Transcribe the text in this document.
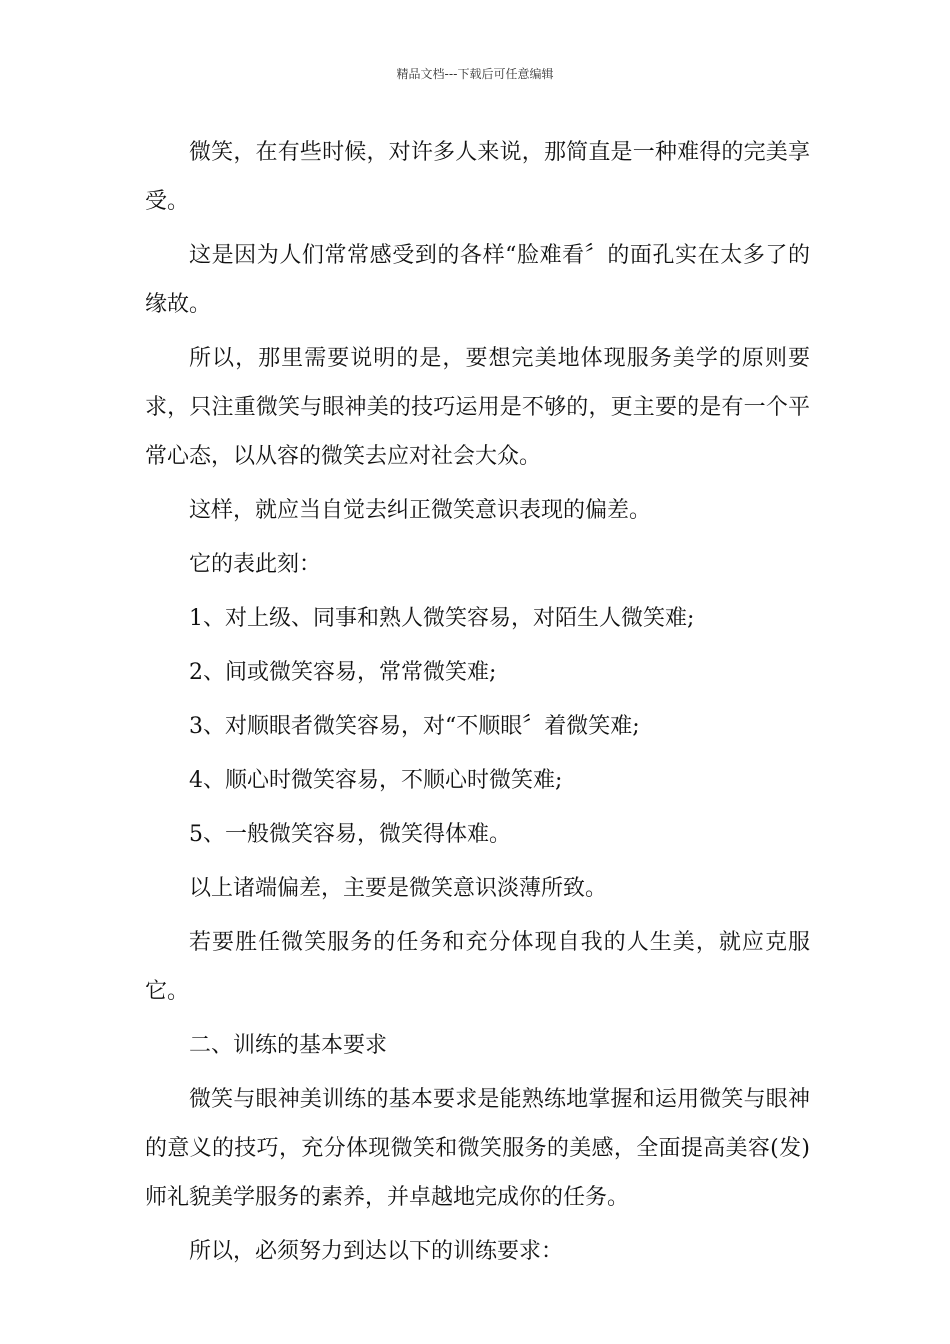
精品文档---下载后可任意编辑

微笑，在有些时候，对许多人来说，那简直是一种难得的完美享受。

这是因为人们常常感受到的各样“脸难看〞的面孔实在太多了的缘故。

所以，那里需要说明的是，要想完美地体现服务美学的原则要求，只注重微笑与眼神美的技巧运用是不够的，更主要的是有一个平常心态，以从容的微笑去应对社会大众。

这样，就应当自觉去纠正微笑意识表现的偏差。

它的表此刻：

1、对上级、同事和熟人微笑容易，对陌生人微笑难;

2、间或微笑容易，常常微笑难;

3、对顺眼者微笑容易，对“不顺眼〞着微笑难;

4、顺心时微笑容易，不顺心时微笑难;

5、一般微笑容易，微笑得体难。

以上诸端偏差，主要是微笑意识淡薄所致。

若要胜任微笑服务的任务和充分体现自我的人生美，就应克服它。

二、训练的基本要求

微笑与眼神美训练的基本要求是能熟练地掌握和运用微笑与眼神的意义的技巧，充分体现微笑和微笑服务的美感，全面提高美容(发)师礼貌美学服务的素养，并卓越地完成你的任务。

所以，必须努力到达以下的训练要求：
